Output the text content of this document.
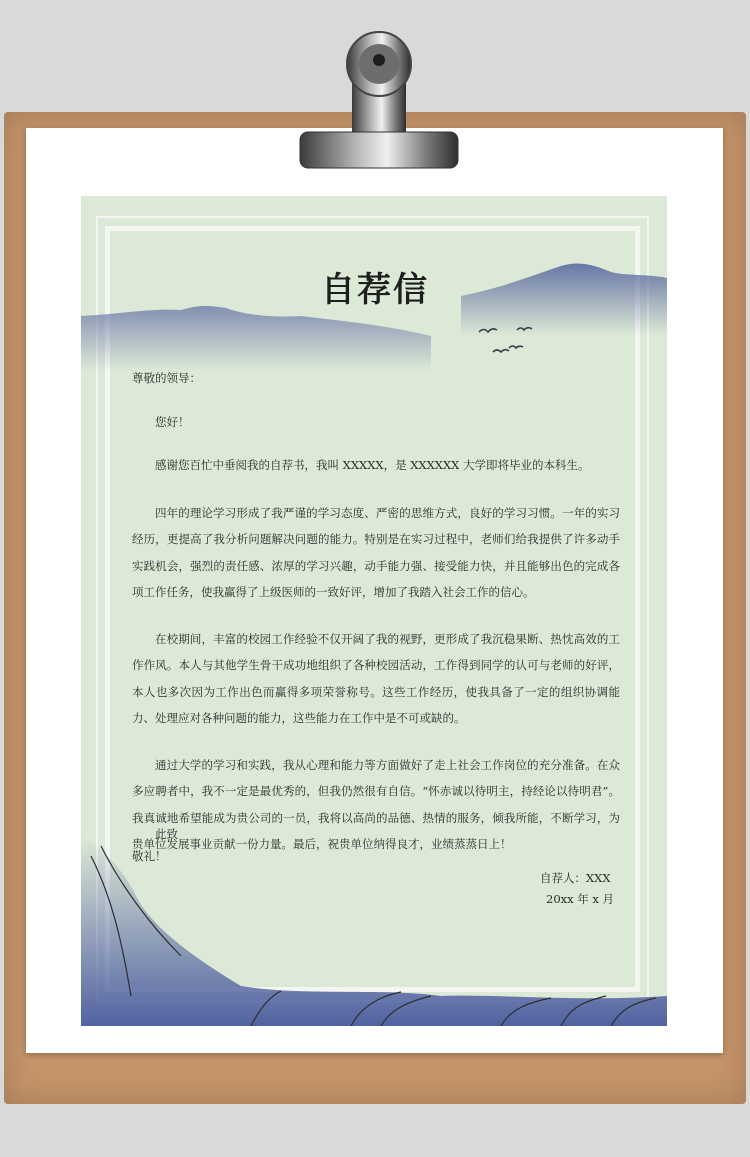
自荐信
尊敬的领导：
您好！

感谢您百忙中垂阅我的自荐书，我叫 XXXXX，是 XXXXXX 大学即将毕业的本科生。

四年的理论学习形成了我严谨的学习态度、严密的思维方式，良好的学习习惯。一年的实习经历，更提高了我分析问题解决问题的能力。特别是在实习过程中，老师们给我提供了许多动手实践机会，强烈的责任感、浓厚的学习兴趣，动手能力强、接受能力快，并且能够出色的完成各项工作任务，使我赢得了上级医师的一致好评，增加了我踏入社会工作的信心。

在校期间，丰富的校园工作经验不仅开阔了我的视野，更形成了我沉稳果断、热忱高效的工作作风。本人与其他学生骨干成功地组织了各种校园活动，工作得到同学的认可与老师的好评，本人也多次因为工作出色而赢得多项荣誉称号。这些工作经历，使我具备了一定的组织协调能力、处理应对各种问题的能力，这些能力在工作中是不可或缺的。

通过大学的学习和实践，我从心理和能力等方面做好了走上社会工作岗位的充分准备。在众多应聘者中，我不一定是最优秀的，但我仍然很有自信。“怀赤诚以待明主，持经论以待明君”。我真诚地希望能成为贵公司的一员，我将以高尚的品德、热情的服务，倾我所能，不断学习，为贵单位发展事业贡献一份力量。最后，祝贵单位纳得良才，业绩蒸蒸日上！

此致
敬礼！
自荐人：XXX
20xx 年 x 月
